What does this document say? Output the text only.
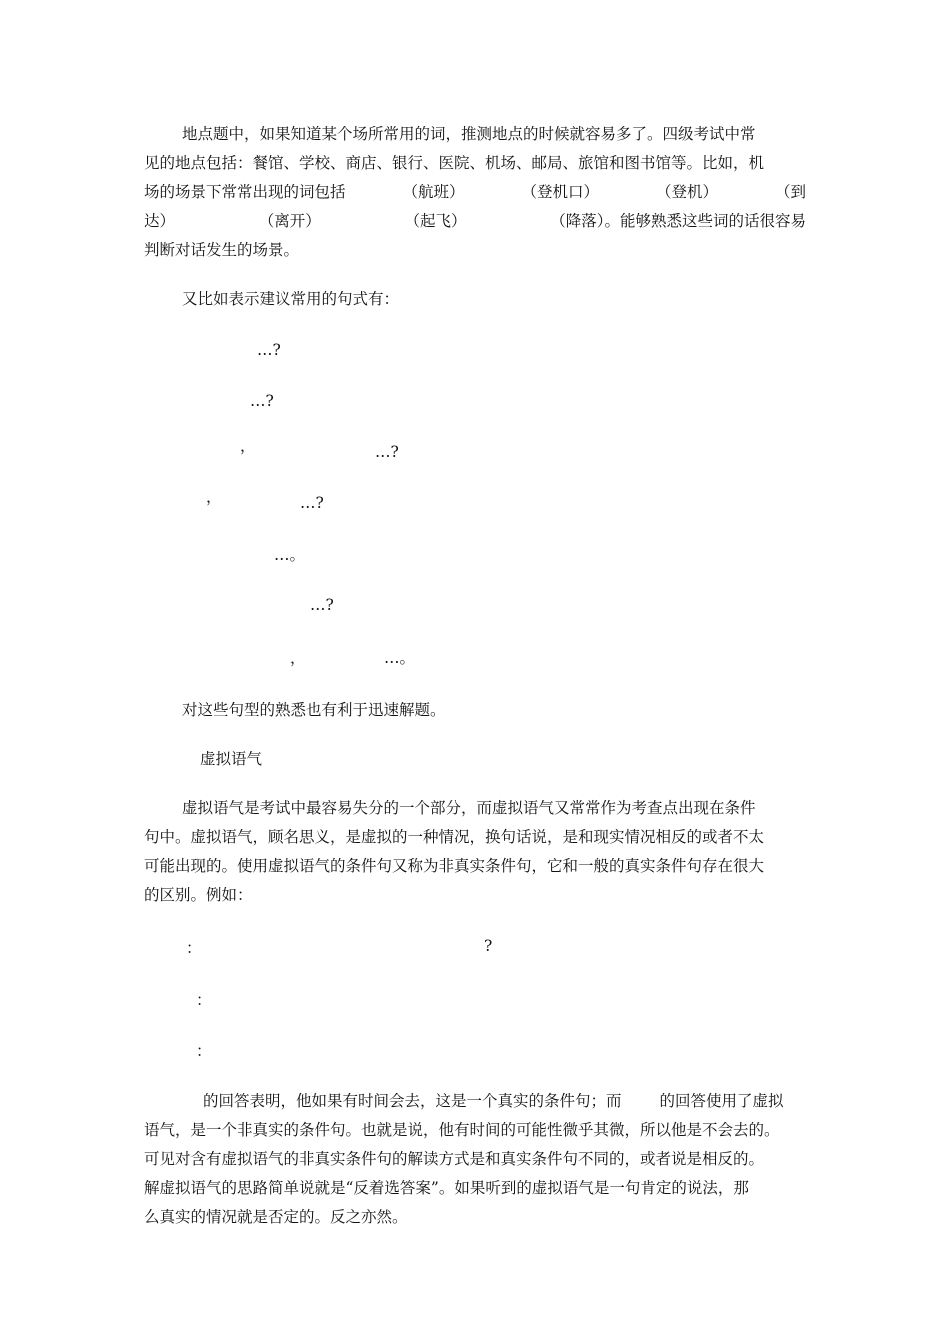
地点题中，如果知道某个场所常用的词，推测地点的时候就容易多了。四级考试中常
见的地点包括：餐馆、学校、商店、银行、医院、机场、邮局、旅馆和图书馆等。比如，机
场的场景下常常出现的词包括	（航班）	（登机口）	（登机）	（到
达）	（离开）	（起飞）	（降落）。能够熟悉这些词的话很容易
判断对话发生的场景。
又比如表示建议常用的句式有：
…?
…?
，	…?
，	…?
…。
…?
，	…。
对这些句型的熟悉也有利于迅速解题。
虚拟语气
虚拟语气是考试中最容易失分的一个部分，而虚拟语气又常常作为考查点出现在条件
句中。虚拟语气，顾名思义，是虚拟的一种情况，换句话说，是和现实情况相反的或者不太
可能出现的。使用虚拟语气的条件句又称为非真实条件句，它和一般的真实条件句存在很大
的区别。例如：
：	?
：
：
的回答表明，他如果有时间会去，这是一个真实的条件句；而 的回答使用了虚拟
语气，是一个非真实的条件句。也就是说，他有时间的可能性微乎其微，所以他是不会去的。
可见对含有虚拟语气的非真实条件句的解读方式是和真实条件句不同的，或者说是相反的。
解虚拟语气的思路简单说就是“反着选答案”。如果听到的虚拟语气是一句肯定的说法，那
么真实的情况就是否定的。反之亦然。
